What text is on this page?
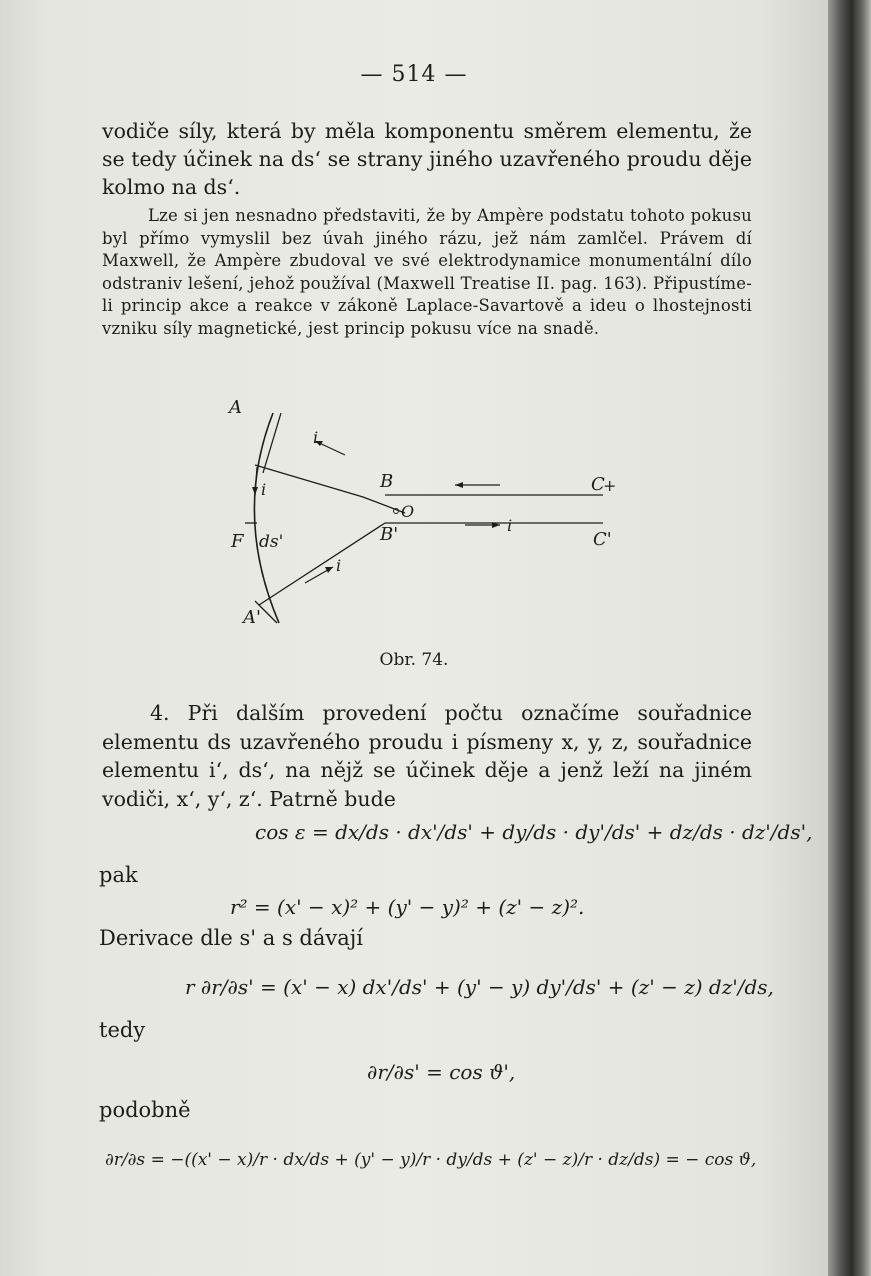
— 514 —

vodiče síly, která by měla komponentu směrem elementu, že se tedy účinek na ds‘ se strany jiného uzavřeného proudu děje kolmo na ds‘.

Lze si jen nesnadno představiti, že by Ampère podstatu tohoto pokusu byl přímo vymyslil bez úvah jiného rázu, jež nám zamlčel. Právem dí Maxwell, že Ampère zbudoval ve své elektrodynamice monumentální dílo odstraniv lešení, jehož používal (Maxwell Treatise II. pag. 163). Připustíme-li princip akce a reakce v zákoně Laplace-Savartově a ideu o lhostejnosti vzniku síly magnetické, jest princip pokusu více na snadě.

A
A'
F
B
B'
C
+
C'
O
i
i
i
i
ds'
Obr. 74.

4. Při dalším provedení počtu označíme souřadnice elementu ds uzavřeného proudu i písmeny x, y, z, souřadnice elementu i‘, ds‘, na nějž se účinek děje a jenž leží na jiném vodiči, x‘, y‘, z‘. Patrně bude

cos ε = dx/ds · dx'/ds' + dy/ds · dy'/ds' + dz/ds · dz'/ds',
pak
r² = (x' − x)² + (y' − y)² + (z' − z)².
Derivace dle s' a s dávají
r ∂r/∂s' = (x' − x) dx'/ds' + (y' − y) dy'/ds' + (z' − z) dz'/ds,
tedy
∂r/∂s' = cos ϑ',
podobně
∂r/∂s = −((x' − x)/r · dx/ds + (y' − y)/r · dy/ds + (z' − z)/r · dz/ds) = − cos ϑ,
